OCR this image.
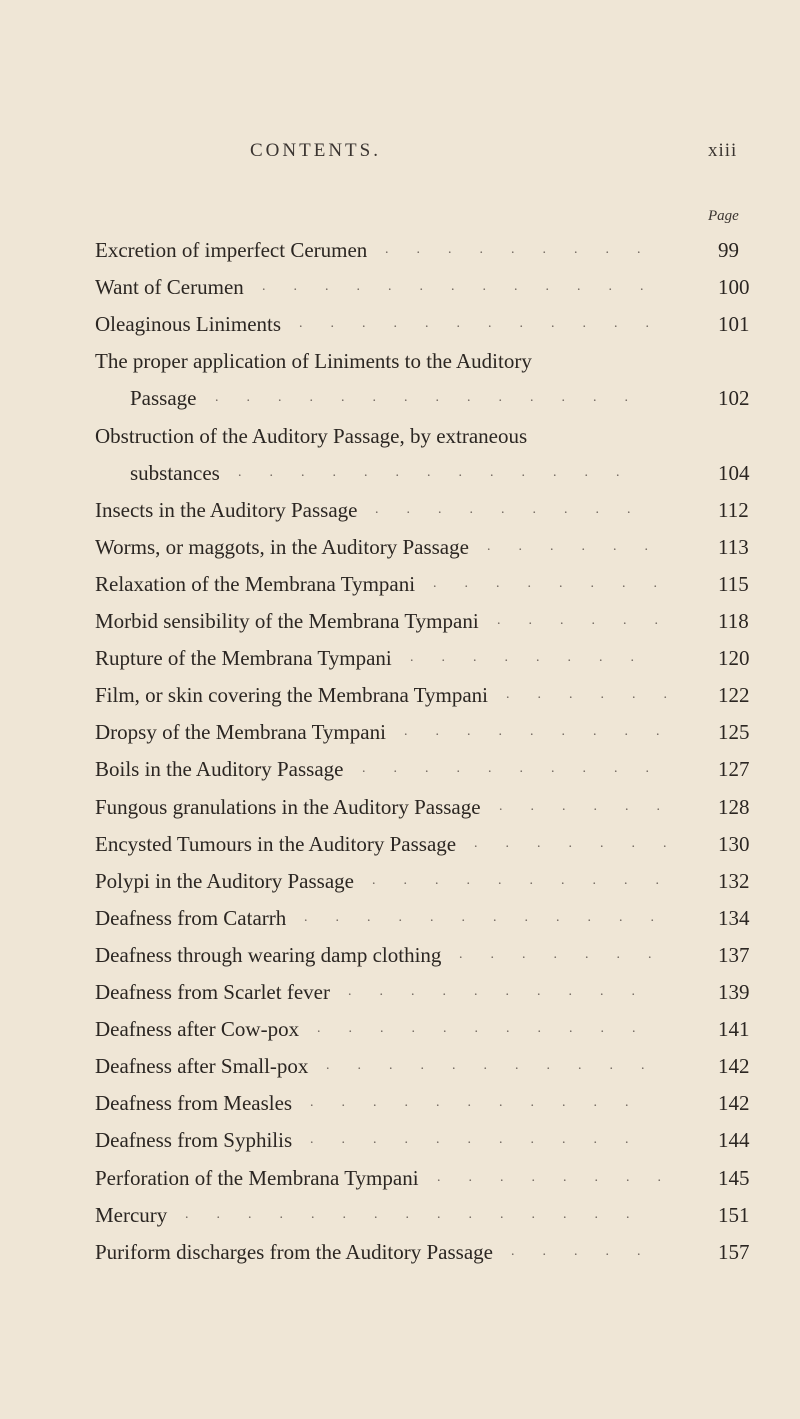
CONTENTS.	xiii
Page
Excretion of imperfect Cerumen	99
.........
Want of Cerumen	100
.............
Oleaginous Liniments	101
............
The proper application of Liniments to the Auditory
Passage	102
..............
Obstruction of the Auditory Passage, by extraneous
substances	104
.............
Insects in the Auditory Passage	112
.........
Worms, or maggots, in the Auditory Passage	113
......
Relaxation of the Membrana Tympani	115
........
Morbid sensibility of the Membrana Tympani	118
......
Rupture of the Membrana Tympani	120
........
Film, or skin covering the Membrana Tympani	122
......
Dropsy of the Membrana Tympani	125
.........
Boils in the Auditory Passage	127
..........
Fungous granulations in the Auditory Passage	128
......
Encysted Tumours in the Auditory Passage	130
.......
Polypi in the Auditory Passage	132
..........
Deafness from Catarrh	134
............
Deafness through wearing damp clothing	137
.......
Deafness from Scarlet fever	139
..........
Deafness after Cow-pox	141
...........
Deafness after Small-pox	142
...........
Deafness from Measles	142
...........
Deafness from Syphilis	144
...........
Perforation of the Membrana Tympani	145
........
Mercury	151
...............
Puriform discharges from the Auditory Passage	157
.....
